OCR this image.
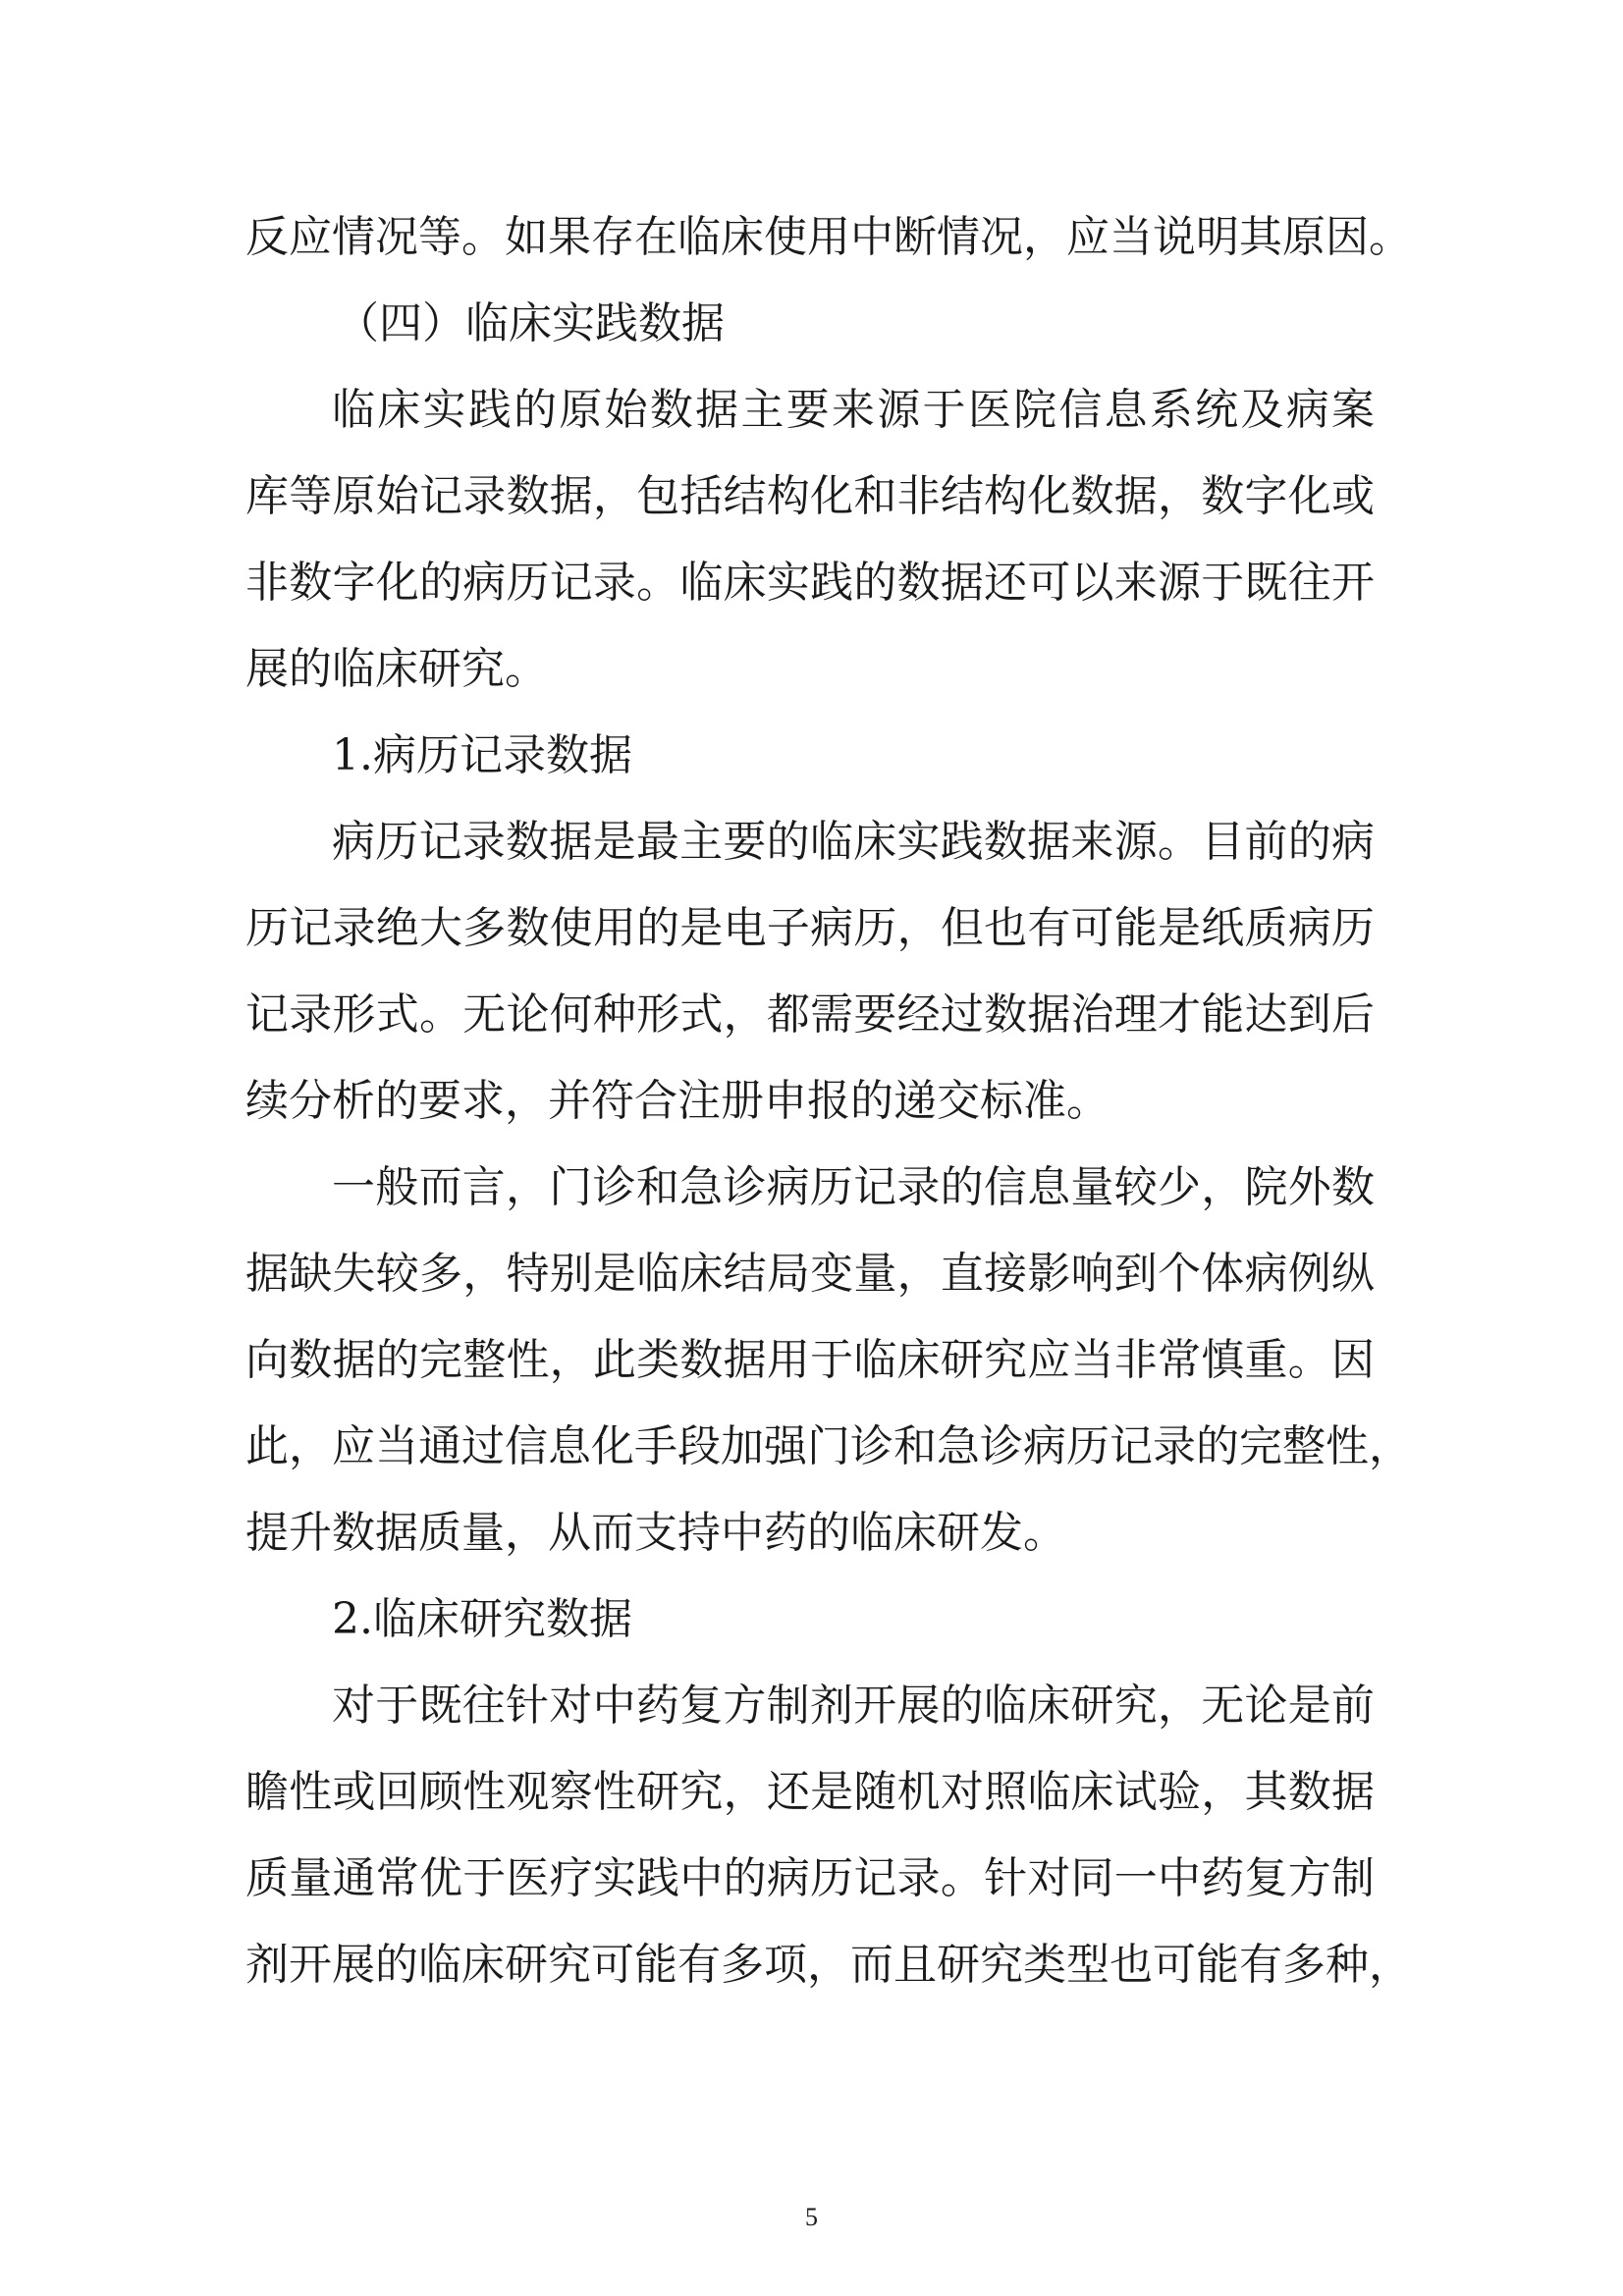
反应情况等。如果存在临床使用中断情况，应当说明其原因。
（四）临床实践数据
临床实践的原始数据主要来源于医院信息系统及病案
库等原始记录数据，包括结构化和非结构化数据，数字化或
非数字化的病历记录。临床实践的数据还可以来源于既往开
展的临床研究。
1.病历记录数据
病历记录数据是最主要的临床实践数据来源。目前的病
历记录绝大多数使用的是电子病历，但也有可能是纸质病历
记录形式。无论何种形式，都需要经过数据治理才能达到后
续分析的要求，并符合注册申报的递交标准。
一般而言，门诊和急诊病历记录的信息量较少，院外数
据缺失较多，特别是临床结局变量，直接影响到个体病例纵
向数据的完整性，此类数据用于临床研究应当非常慎重。因
此，应当通过信息化手段加强门诊和急诊病历记录的完整性，
提升数据质量，从而支持中药的临床研发。
2.临床研究数据
对于既往针对中药复方制剂开展的临床研究，无论是前
瞻性或回顾性观察性研究，还是随机对照临床试验，其数据
质量通常优于医疗实践中的病历记录。针对同一中药复方制
剂开展的临床研究可能有多项，而且研究类型也可能有多种，
5
